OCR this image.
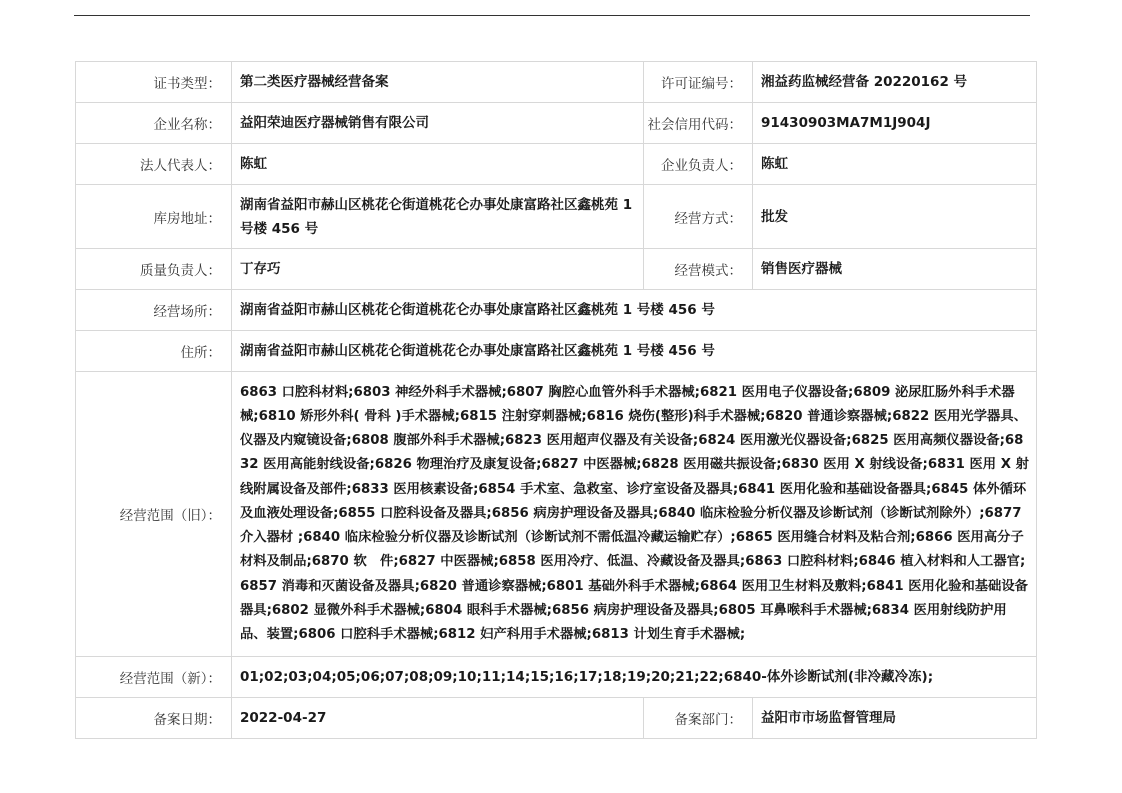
证书类型：	第二类医疗器械经营备案	许可证编号：	湘益药监械经营备 20220162 号
企业名称：	益阳荣迪医疗器械销售有限公司	社会信用代码：	91430903MA7M1J904J
法人代表人：	陈虹	企业负责人：	陈虹
库房地址：	湖南省益阳市赫山区桃花仑街道桃花仑办事处康富路社区鑫桃苑 1 号楼 456 号	经营方式：	批发
质量负责人：	丁存巧	经营模式：	销售医疗器械
经营场所：	湖南省益阳市赫山区桃花仑街道桃花仑办事处康富路社区鑫桃苑 1 号楼 456 号		
住所：	湖南省益阳市赫山区桃花仑街道桃花仑办事处康富路社区鑫桃苑 1 号楼 456 号		
经营范围（旧）：	6863 口腔科材料;6803 神经外科手术器械;6807 胸腔心血管外科手术器械;6821 医用电子仪器设备;6809 泌尿肛肠外科手术器械;6810 矫形外科( 骨科 )手术器械;6815 注射穿刺器械;6816 烧伤(整形)科手术器械;6820 普通诊察器械;6822 医用光学器具、仪器及内窥镜设备;6808 腹部外科手术器械;6823 医用超声仪器及有关设备;6824 医用激光仪器设备;6825 医用高频仪器设备;6832 医用高能射线设备;6826 物理治疗及康复设备;6827 中医器械;6828 医用磁共振设备;6830 医用 X 射线设备;6831 医用 X 射线附属设备及部件;6833 医用核素设备;6854 手术室、急救室、诊疗室设备及器具;6841 医用化验和基础设备器具;6845 体外循环及血液处理设备;6855 口腔科设备及器具;6856 病房护理设备及器具;6840 临床检验分析仪器及诊断试剂（诊断试剂除外）;6877 介入器材 ;6840 临床检验分析仪器及诊断试剂（诊断试剂不需低温冷藏运输贮存）;6865 医用缝合材料及粘合剂;6866 医用高分子材料及制品;6870 软　件;6827 中医器械;6858 医用冷疗、低温、冷藏设备及器具;6863 口腔科材料;6846 植入材料和人工器官;6857 消毒和灭菌设备及器具;6820 普通诊察器械;6801 基础外科手术器械;6864 医用卫生材料及敷料;6841 医用化验和基础设备器具;6802 显微外科手术器械;6804 眼科手术器械;6856 病房护理设备及器具;6805 耳鼻喉科手术器械;6834 医用射线防护用品、装置;6806 口腔科手术器械;6812 妇产科用手术器械;6813 计划生育手术器械;		
经营范围（新）：	01;02;03;04;05;06;07;08;09;10;11;14;15;16;17;18;19;20;21;22;6840-体外诊断试剂(非冷藏冷冻);		
备案日期：	2022-04-27	备案部门：	益阳市市场监督管理局
